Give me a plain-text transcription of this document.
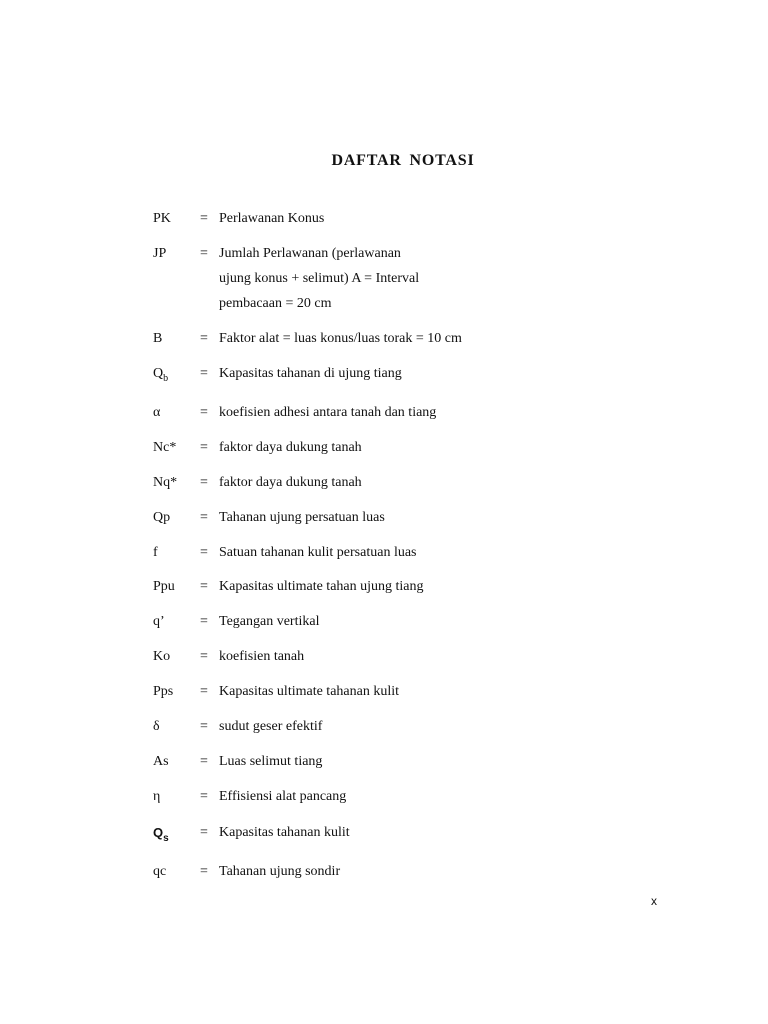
DAFTAR NOTASI
PK = Perlawanan Konus
JP = Jumlah Perlawanan (perlawanan
ujung konus + selimut) A = Interval
pembacaan = 20 cm
B	= Faktor alat = luas konus/luas torak = 10 cm
$Q_b$ = Kapasitas tahanan di ujung tiang
α	= koefisien adhesi antara tanah dan tiang
Nc* = faktor daya dukung tanah
Nq* = faktor daya dukung tanah
Qp = Tahanan ujung persatuan luas
f	= Satuan tahanan kulit persatuan luas
Ppu = Kapasitas ultimate tahan ujung tiang
q’	= Tegangan vertikal
Ko = koefisien tanah
Pps = Kapasitas ultimate tahanan kulit
δ	= sudut geser efektif
As = Luas selimut tiang
η	= Effisiensi alat pancang
$Q_s$ = Kapasitas tahanan kulit
qc = Tahanan ujung sondir
x
